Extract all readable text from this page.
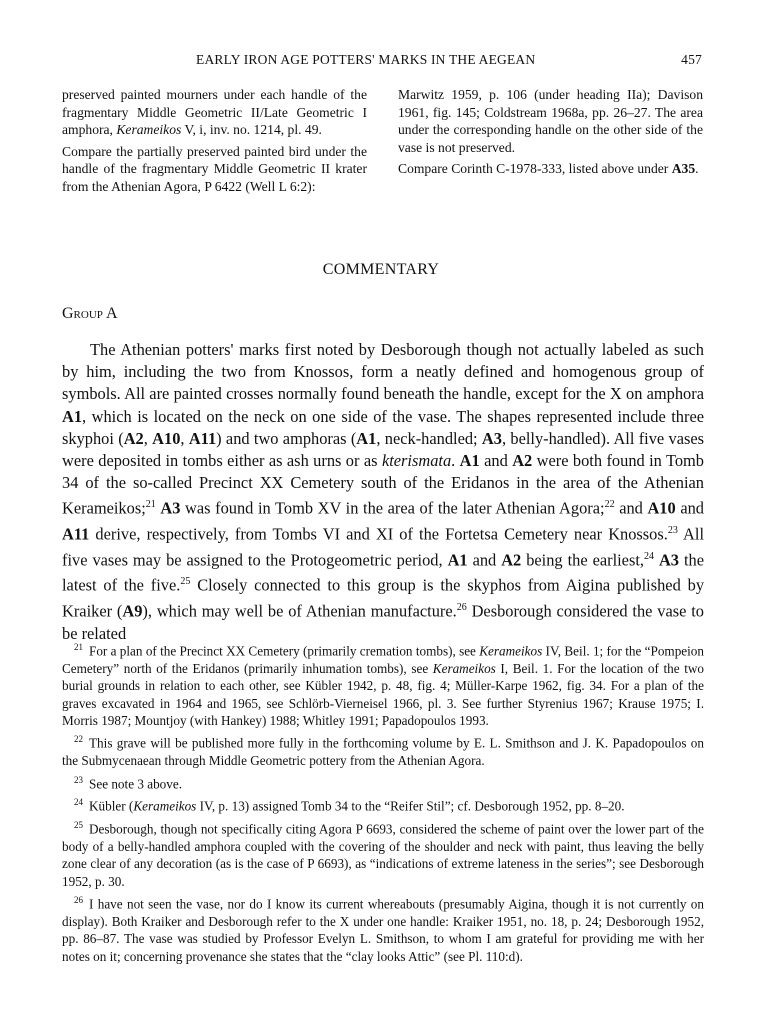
EARLY IRON AGE POTTERS' MARKS IN THE AEGEAN	457

preserved painted mourners under each handle of the fragmentary Middle Geometric II/Late Geometric I amphora, Kerameikos V, i, inv. no. 1214, pl. 49.

Compare the partially preserved painted bird under the handle of the fragmentary Middle Geometric II krater from the Athenian Agora, P 6422 (Well L 6:2):

Marwitz 1959, p. 106 (under heading IIa); Davison 1961, fig. 145; Coldstream 1968a, pp. 26–27. The area under the corresponding handle on the other side of the vase is not preserved.

Compare Corinth C-1978-333, listed above under A35.

COMMENTARY
Group A

The Athenian potters' marks first noted by Desborough though not actually labeled as such by him, including the two from Knossos, form a neatly defined and homogenous group of symbols. All are painted crosses normally found beneath the handle, except for the X on amphora A1, which is located on the neck on one side of the vase. The shapes represented include three skyphoi (A2, A10, A11) and two amphoras (A1, neck-handled; A3, belly-handled). All five vases were deposited in tombs either as ash urns or as kterismata. A1 and A2 were both found in Tomb 34 of the so-called Precinct XX Cemetery south of the Eridanos in the area of the Athenian Kerameikos;$^{21}$ A3 was found in Tomb XV in the area of the later Athenian Agora;$^{22}$ and A10 and A11 derive, respectively, from Tombs VI and XI of the Fortetsa Cemetery near Knossos.$^{23}$ All five vases may be assigned to the Protogeometric period, A1 and A2 being the earliest,$^{24}$ A3 the latest of the five.$^{25}$ Closely connected to this group is the skyphos from Aigina published by Kraiker (A9), which may well be of Athenian manufacture.$^{26}$ Desborough considered the vase to be related

$^{21}$ For a plan of the Precinct XX Cemetery (primarily cremation tombs), see Kerameikos IV, Beil. 1; for the “Pompeion Cemetery” north of the Eridanos (primarily inhumation tombs), see Kerameikos I, Beil. 1. For the location of the two burial grounds in relation to each other, see Kübler 1942, p. 48, fig. 4; Müller-Karpe 1962, fig. 34. For a plan of the graves excavated in 1964 and 1965, see Schlörb-Vierneisel 1966, pl. 3. See further Styrenius 1967; Krause 1975; I. Morris 1987; Mountjoy (with Hankey) 1988; Whitley 1991; Papadopoulos 1993.

$^{22}$ This grave will be published more fully in the forthcoming volume by E. L. Smithson and J. K. Papadopoulos on the Submycenaean through Middle Geometric pottery from the Athenian Agora.

$^{23}$ See note 3 above.

$^{24}$ Kübler (Kerameikos IV, p. 13) assigned Tomb 34 to the “Reifer Stil”; cf. Desborough 1952, pp. 8–20.

$^{25}$ Desborough, though not specifically citing Agora P 6693, considered the scheme of paint over the lower part of the body of a belly-handled amphora coupled with the covering of the shoulder and neck with paint, thus leaving the belly zone clear of any decoration (as is the case of P 6693), as “indications of extreme lateness in the series”; see Desborough 1952, p. 30.

$^{26}$ I have not seen the vase, nor do I know its current whereabouts (presumably Aigina, though it is not currently on display). Both Kraiker and Desborough refer to the X under one handle: Kraiker 1951, no. 18, p. 24; Desborough 1952, pp. 86–87. The vase was studied by Professor Evelyn L. Smithson, to whom I am grateful for providing me with her notes on it; concerning provenance she states that the “clay looks Attic” (see Pl. 110:d).
